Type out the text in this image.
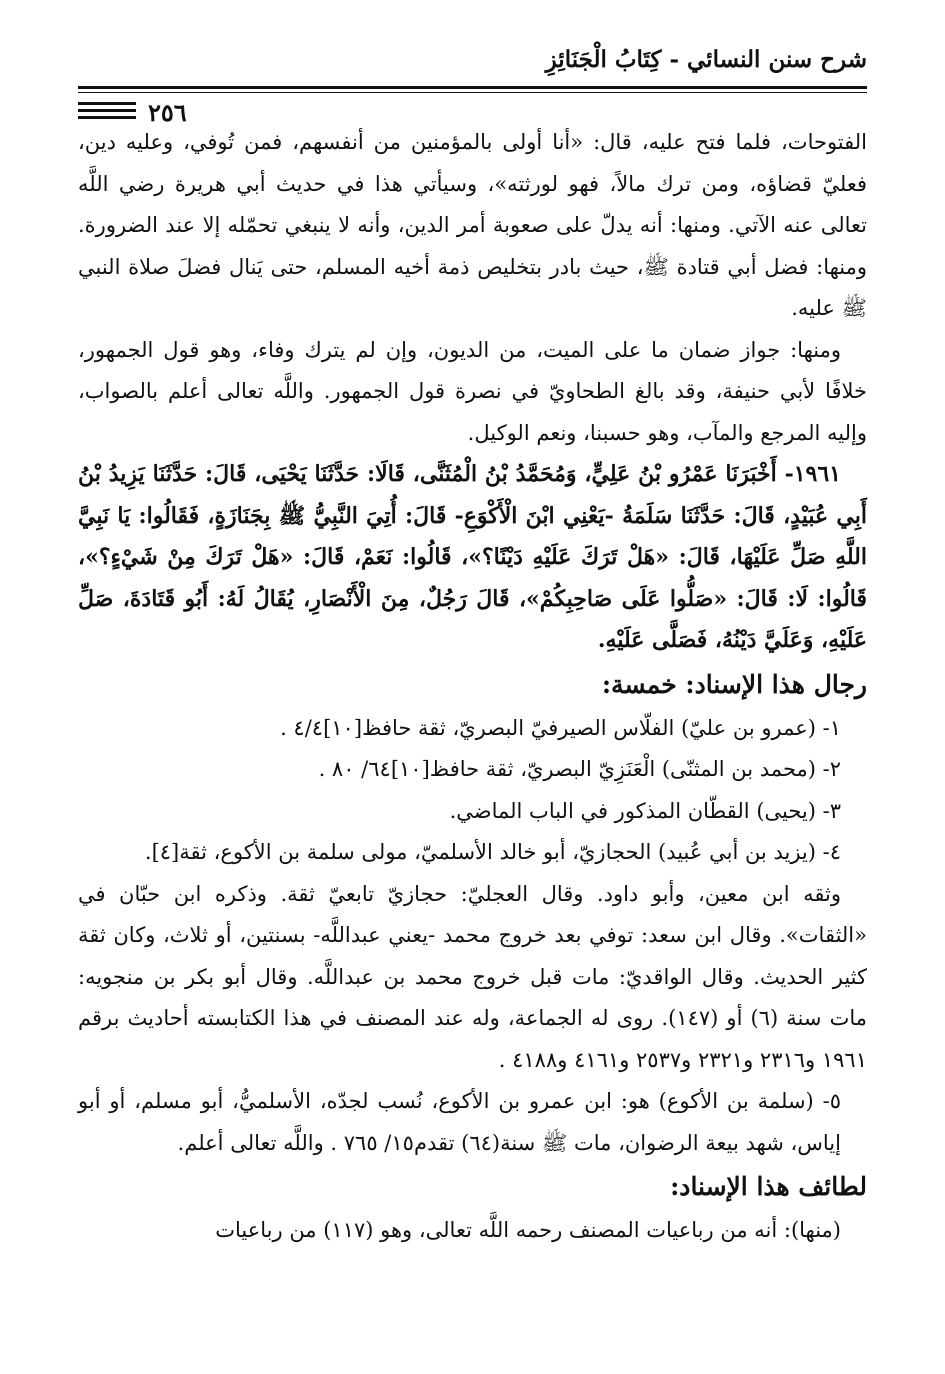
شرح سنن النسائي - كِتَابُ الْجَنَائِزِ
٢٥٦

الفتوحات، فلما فتح عليه، قال: «أنا أولى بالمؤمنين من أنفسهم، فمن تُوفي، وعليه دين، فعليّ قضاؤه، ومن ترك مالاً، فهو لورثته»، وسيأتي هذا في حديث أبي هريرة رضي اللَّه تعالى عنه الآتي. ومنها: أنه يدلّ على صعوبة أمر الدين، وأنه لا ينبغي تحمّله إلا عند الضرورة. ومنها: فضل أبي قتادة ﷺ، حيث بادر بتخليص ذمة أخيه المسلم، حتى يَنال فضلَ صلاة النبي ﷺ عليه.

ومنها: جواز ضمان ما على الميت، من الديون، وإن لم يترك وفاء، وهو قول الجمهور، خلافًا لأبي حنيفة، وقد بالغ الطحاويّ في نصرة قول الجمهور. واللَّه تعالى أعلم بالصواب، وإليه المرجع والمآب، وهو حسبنا، ونعم الوكيل.

١٩٦١- أَخْبَرَنَا عَمْرُو بْنُ عَلِيٍّ، وَمُحَمَّدُ بْنُ الْمُثَنَّى، قَالَا: حَدَّثَنَا يَحْيَى، قَالَ: حَدَّثَنَا يَزِيدُ بْنُ أَبِي عُبَيْدٍ، قَالَ: حَدَّثَنَا سَلَمَةُ -يَعْنِي ابْنَ الْأَكْوَعِ- قَالَ: أُتِيَ النَّبِيُّ ﷺ بِجَنَازَةٍ، فَقَالُوا: يَا نَبِيَّ اللَّهِ صَلِّ عَلَيْهَا، قَالَ: «هَلْ تَرَكَ عَلَيْهِ دَيْنًا؟»، قَالُوا: نَعَمْ، قَالَ: «هَلْ تَرَكَ مِنْ شَيْءٍ؟»، قَالُوا: لَا: قَالَ: «صَلُّوا عَلَى صَاحِبِكُمْ»، قَالَ رَجُلٌ، مِنَ الْأَنْصَارِ، يُقَالُ لَهُ: أَبُو قَتَادَةَ، صَلِّ عَلَيْهِ، وَعَلَيَّ دَيْنُهُ، فَصَلَّى عَلَيْهِ.

رجال هذا الإسناد: خمسة:

١- (عمرو بن عليّ) الفلّاس الصيرفيّ البصريّ، ثقة حافظ[١٠]٤/٤ .

٢- (محمد بن المثنّى) الْعَنَزِيّ البصريّ، ثقة حافظ[١٠]٦٤/ ٨٠ .

٣- (يحيى) القطّان المذكور في الباب الماضي.

٤- (يزيد بن أبي عُبيد) الحجازيّ، أبو خالد الأسلميّ، مولى سلمة بن الأكوع، ثقة[٤].

وثقه ابن معين، وأبو داود. وقال العجليّ: حجازيّ تابعيّ ثقة. وذكره ابن حبّان في «الثقات». وقال ابن سعد: توفي بعد خروج محمد -يعني عبداللَّه- بسنتين، أو ثلاث، وكان ثقة كثير الحديث. وقال الواقديّ: مات قبل خروج محمد بن عبداللَّه. وقال أبو بكر بن منجويه: مات سنة (٦) أو (١٤٧). روى له الجماعة، وله عند المصنف في هذا الكتابسته أحاديث برقم ١٩٦١ و٢٣١٦ و٢٣٢١ و٢٥٣٧ و٤١٦١ و٤١٨٨ .

٥- (سلمة بن الأكوع) هو: ابن عمرو بن الأكوع، نُسب لجدّه، الأسلميُّ، أبو مسلم، أو أبو إياس، شهد بيعة الرضوان، مات ﷺ سنة(٦٤) تقدم١٥/ ٧٦٥ . واللَّه تعالى أعلم.

لطائف هذا الإسناد:

(منها): أنه من رباعيات المصنف رحمه اللَّه تعالى، وهو (١١٧) من رباعيات
